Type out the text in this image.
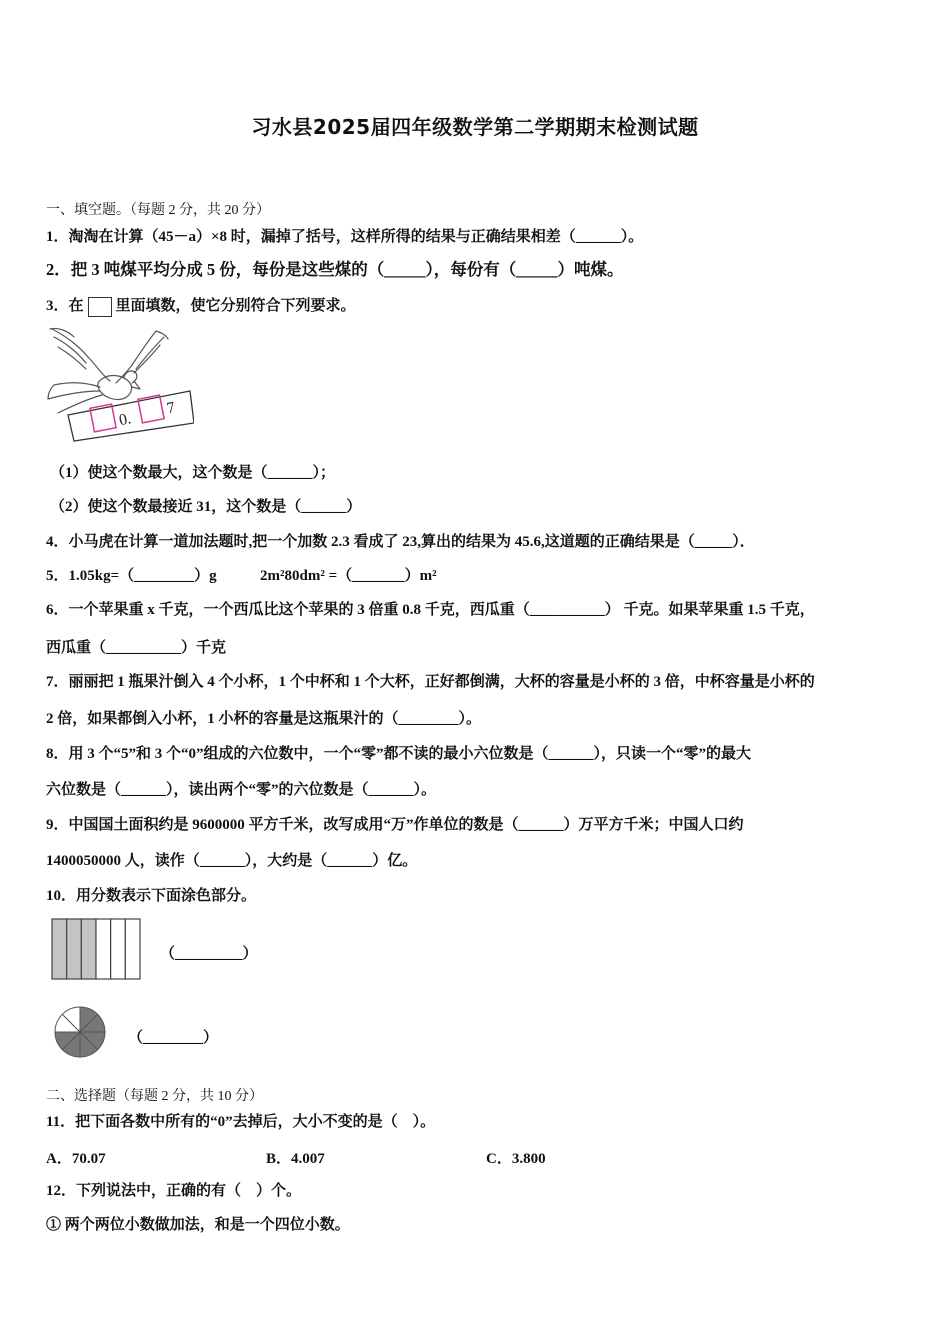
习水县2025届四年级数学第二学期期末检测试题
一、填空题。（每题 2 分，共 20 分）
1．淘淘在计算（45－a）×8 时，漏掉了括号，这样所得的结果与正确结果相差（______）。
2．把 3 吨煤平均分成 5 份，每份是这些煤的（_____），每份有（_____）吨煤。
3．在 里面填数，使它分别符合下列要求。
0.
7
（1）使这个数最大，这个数是（______）；
（2）使这个数最接近 31，这个数是（______）
4．小马虎在计算一道加法题时,把一个加数 2.3 看成了 23,算出的结果为 45.6,这道题的正确结果是（_____）．
5．1.05kg=（________）g	2m²80dm² =（_______）m²
6．一个苹果重 x 千克，一个西瓜比这个苹果的 3 倍重 0.8 千克，西瓜重（__________） 千克。如果苹果重 1.5 千克，
西瓜重（__________）千克
7．丽丽把 1 瓶果汁倒入 4 个小杯，1 个中杯和 1 个大杯，正好都倒满，大杯的容量是小杯的 3 倍，中杯容量是小杯的
2 倍，如果都倒入小杯，1 小杯的容量是这瓶果汁的（________）。
8．用 3 个“5”和 3 个“0”组成的六位数中，一个“零”都不读的最小六位数是（______），只读一个“零”的最大
六位数是（______），读出两个“零”的六位数是（______）。
9．中国国土面积约是 9600000 平方千米，改写成用“万”作单位的数是（______）万平方千米；中国人口约
1400050000 人，读作（______），大约是（______）亿。
10．用分数表示下面涂色部分。
（_________）
（________）
二、选择题（每题 2 分，共 10 分）
11．把下面各数中所有的“0”去掉后，大小不变的是（　）。
A．70.07	B．4.007	C．3.800
12．下列说法中，正确的有（　）个。
① 两个两位小数做加法，和是一个四位小数。
